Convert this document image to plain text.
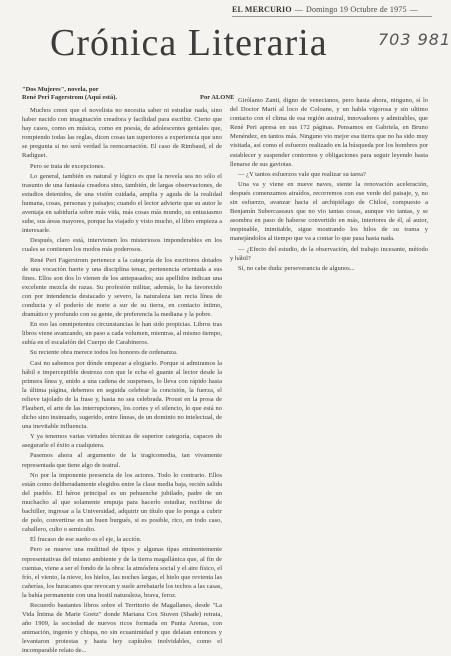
EL MERCURIO — Domingo 19 Octubre de 1975 —
Crónica Literaria	703 981
"Dos Mujeres", novela, por
René Peri Fagerstrom (Aquí está).	Por ALONE

Muchos creen que el novelista no necesita saber ni estudiar nada, sino haber nacido con imaginación creadora y facilidad para escribir. Cierto que hay casos, como en música, como en poesía, de adolescentes geniales que, rompiendo todas las reglas, dicen cosas tan superiores a experiencia que uno se pregunta si no será verdad la reencarnación. El caso de Rimbaud, el de Radiguet.

Pero se trata de excepciones.

Lo general, también es natural y lógico es que la novela sea no sólo el trasunto de una fantasía creadora sino, también, de largas observaciones, de estudios detenidos, de una visión cuidada, amplia y aguda de la realidad humana, cosas, personas y paisajes; cuando el lector advierte que su autor le aventaja en sabiduría sobre más vida, más cosas más mundo, su entusiasmo sube, sus áreas mayores, porque ha viajado y visto mucho, el libro empieza a interesarle.

Después, claro está, intervienen los misteriosos imponderables en los cuales se contienen los modos más poderosos.

René Peri Fagerstrom pertenece a la categoría de los escritores dotados de una vocación fuerte y una disciplina tenaz, pertenencia orientada a sus fines. Ellos son dos lo vienen de los antepasados; sus apellidos indican una excelente mezcla de razas. Su profesión militar, además, lo ha favorecido con por intendencia destacado y severo, la naturaleza tan recia línea de conducta y el poderío de norte a sur de su tierra, en contacto íntimo, dramático y profundo con su gente, de preferencia la mediana y la pobre.

En eso las omnipotentes circunstancias le han sido propicias. Libros tras libros viene avanzando, un paso a cada volumen, mientras, al mismo tiempo, subía en el escalafón del Cuerpo de Carabineros.

Su reciente obra merece todos los honores de ordenanza.

Casi no sabemos por dónde empezar a elogiarlo. Porque si admiramos la hábil e imperceptible destreza con que le echa el guante al lector desde la primera línea y, unido a una cadena de suspenses, lo lleva con rápido hasta la última página, debemos en seguida celebrar la concisión, la fuerza, el relieve tajolado de la frase y, hasta no sea celebrada. Proust en la prosa de Flaubert, el arte de las interrupciones, los cortes y el silencio, lo que está no dicho sino insinuado, sugerido, entre líneas, de un dominio no intelectual, de una inevitable influencia.

Y ya tenemos varias virtudes técnicas de superior categoría, capaces de asegurarle el éxito a cualquiera.

Pasemos ahora al argumento de la tragicomedia, tan vivamente representada que tiene algo de teatral.

No por la imponente presencia de los actores. Todo lo contrario. Ellos están como deliberadamente elegidos entre la clase media baja, recién salida del pueblo. El héroe principal es un pehuenche jubilado, padre de un muchacho al que solamente empuja para hacerlo estudiar, recibirse de bachiller, ingresar a la Universidad, adquirir un título que lo ponga a cubrir de polo, convertirse en un buen burgués, si es posible, rico, en todo caso, caballero, culto o semiculto.

El fracaso de ese sueño es el eje, la acción.

Pero se mueve una multitud de tipos y algunas típas eminentemente representativas del mismo ambiente y de la tierra magallánica que, al fin de cuentas, viene a ser el fondo de la obra: la atmósfera social y el aire físico, el frío, el viento, la nieve, los hielos, las noches largas, el hielo que revienta las cañerías, los huracanes que revocan y suele arrebatarle los techos a las casas, la bahía permanente con una hostil naturaleza, brava, feroz.

Recuerdo bastantes libros sobre el Territorio de Magallanes, desde "La Vida Íntima de Marie Goetz" donde Mariana Cox Stuven (Shade) retrata, año 1909, la sociedad de nuevos ricos formada en Punta Arenas, con animación, ingenio y chispa, no sin ecuanimidad y que delatan entonces y levantaron protestas y hasta hoy capítulos inolvidables, como el incomparable relato de...

Girólamo Zanti, digno de venecianos, pero hasta ahora, ninguno, sí lo del Doctor Martí al loco de Coloane, y un habla vigorosa y sin ultimo contacto con el clima de esa región austral, innovadores y admirables, que René Peri apresa en sus 172 páginas. Pensamos en Gabriela, en Bruno Menéndez, en tantos más. Ninguno vio mejor esa tierra que no ha sido muy visitada, así como el esfuerzo realizado en la búsqueda por los hombres por establecer y suspender contornos y obligaciones para seguir leyendo hasta llenarse de sus gaviotas.

— ¿Y tantos esfuerzos vale que realizar su tarea?

Una va y viene en nueve naves, siente la renovación aceleración, después comenzamos atraídos, recorremos con ese verde del paisaje, y, no sin esfuerzo, avanzar hacia el archipiélago de Chiloé, compuesto a Benjamín Subercaseaux que no vio tantas cosas, aunque vio tantas, y se asombra en paso de haberse convertido en más, interiores de él, al autor, inopinable, inimitable, sigue mostrando los hilos de su trama y manejándolos al tiempo que va a contar lo que pasa hasta nada.

— ¿Efecto del estudio, de la observación, del trabajo incesante, método y hábil?

Sí, no cabe duda: perseverancia de algunos...
